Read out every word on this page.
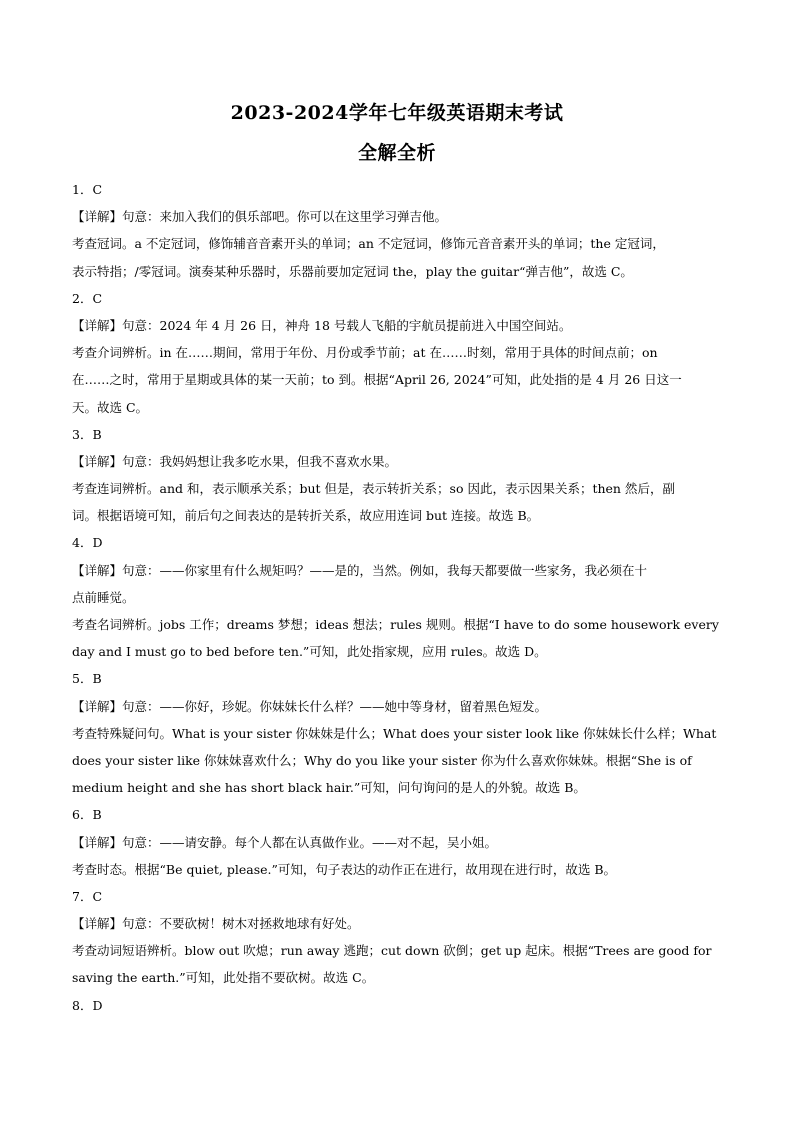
2023-2024学年七年级英语期末考试
全解全析
1．C
【详解】句意：来加入我们的俱乐部吧。你可以在这里学习弹吉他。
考查冠词。a 不定冠词，修饰辅音音素开头的单词；an 不定冠词，修饰元音音素开头的单词；the 定冠词，
表示特指；/零冠词。演奏某种乐器时，乐器前要加定冠词 the，play the guitar“弹吉他”，故选 C。
2．C
【详解】句意：2024 年 4 月 26 日，神舟 18 号载人飞船的宇航员提前进入中国空间站。
考查介词辨析。in 在……期间，常用于年份、月份或季节前；at 在……时刻，常用于具体的时间点前；on
在……之时，常用于星期或具体的某一天前；to 到。根据“April 26, 2024”可知，此处指的是 4 月 26 日这一
天。故选 C。
3．B
【详解】句意：我妈妈想让我多吃水果，但我不喜欢水果。
考查连词辨析。and 和，表示顺承关系；but 但是，表示转折关系；so 因此，表示因果关系；then 然后，副
词。根据语境可知，前后句之间表达的是转折关系，故应用连词 but 连接。故选 B。
4．D
【详解】句意：——你家里有什么规矩吗？——是的，当然。例如，我每天都要做一些家务，我必须在十
点前睡觉。
考查名词辨析。jobs 工作；dreams 梦想；ideas 想法；rules 规则。根据“I have to do some housework every
day and I must go to bed before ten.”可知，此处指家规，应用 rules。故选 D。
5．B
【详解】句意：——你好，珍妮。你妹妹长什么样？——她中等身材，留着黑色短发。
考查特殊疑问句。What is your sister 你妹妹是什么；What does your sister look like 你妹妹长什么样；What
does your sister like 你妹妹喜欢什么；Why do you like your sister 你为什么喜欢你妹妹。根据“She is of
medium height and she has short black hair.”可知，问句询问的是人的外貌。故选 B。
6．B
【详解】句意：——请安静。每个人都在认真做作业。——对不起，吴小姐。
考查时态。根据“Be quiet, please.”可知，句子表达的动作正在进行，故用现在进行时，故选 B。
7．C
【详解】句意：不要砍树！树木对拯救地球有好处。
考查动词短语辨析。blow out 吹熄；run away 逃跑；cut down 砍倒；get up 起床。根据“Trees are good for
saving the earth.”可知，此处指不要砍树。故选 C。
8．D
